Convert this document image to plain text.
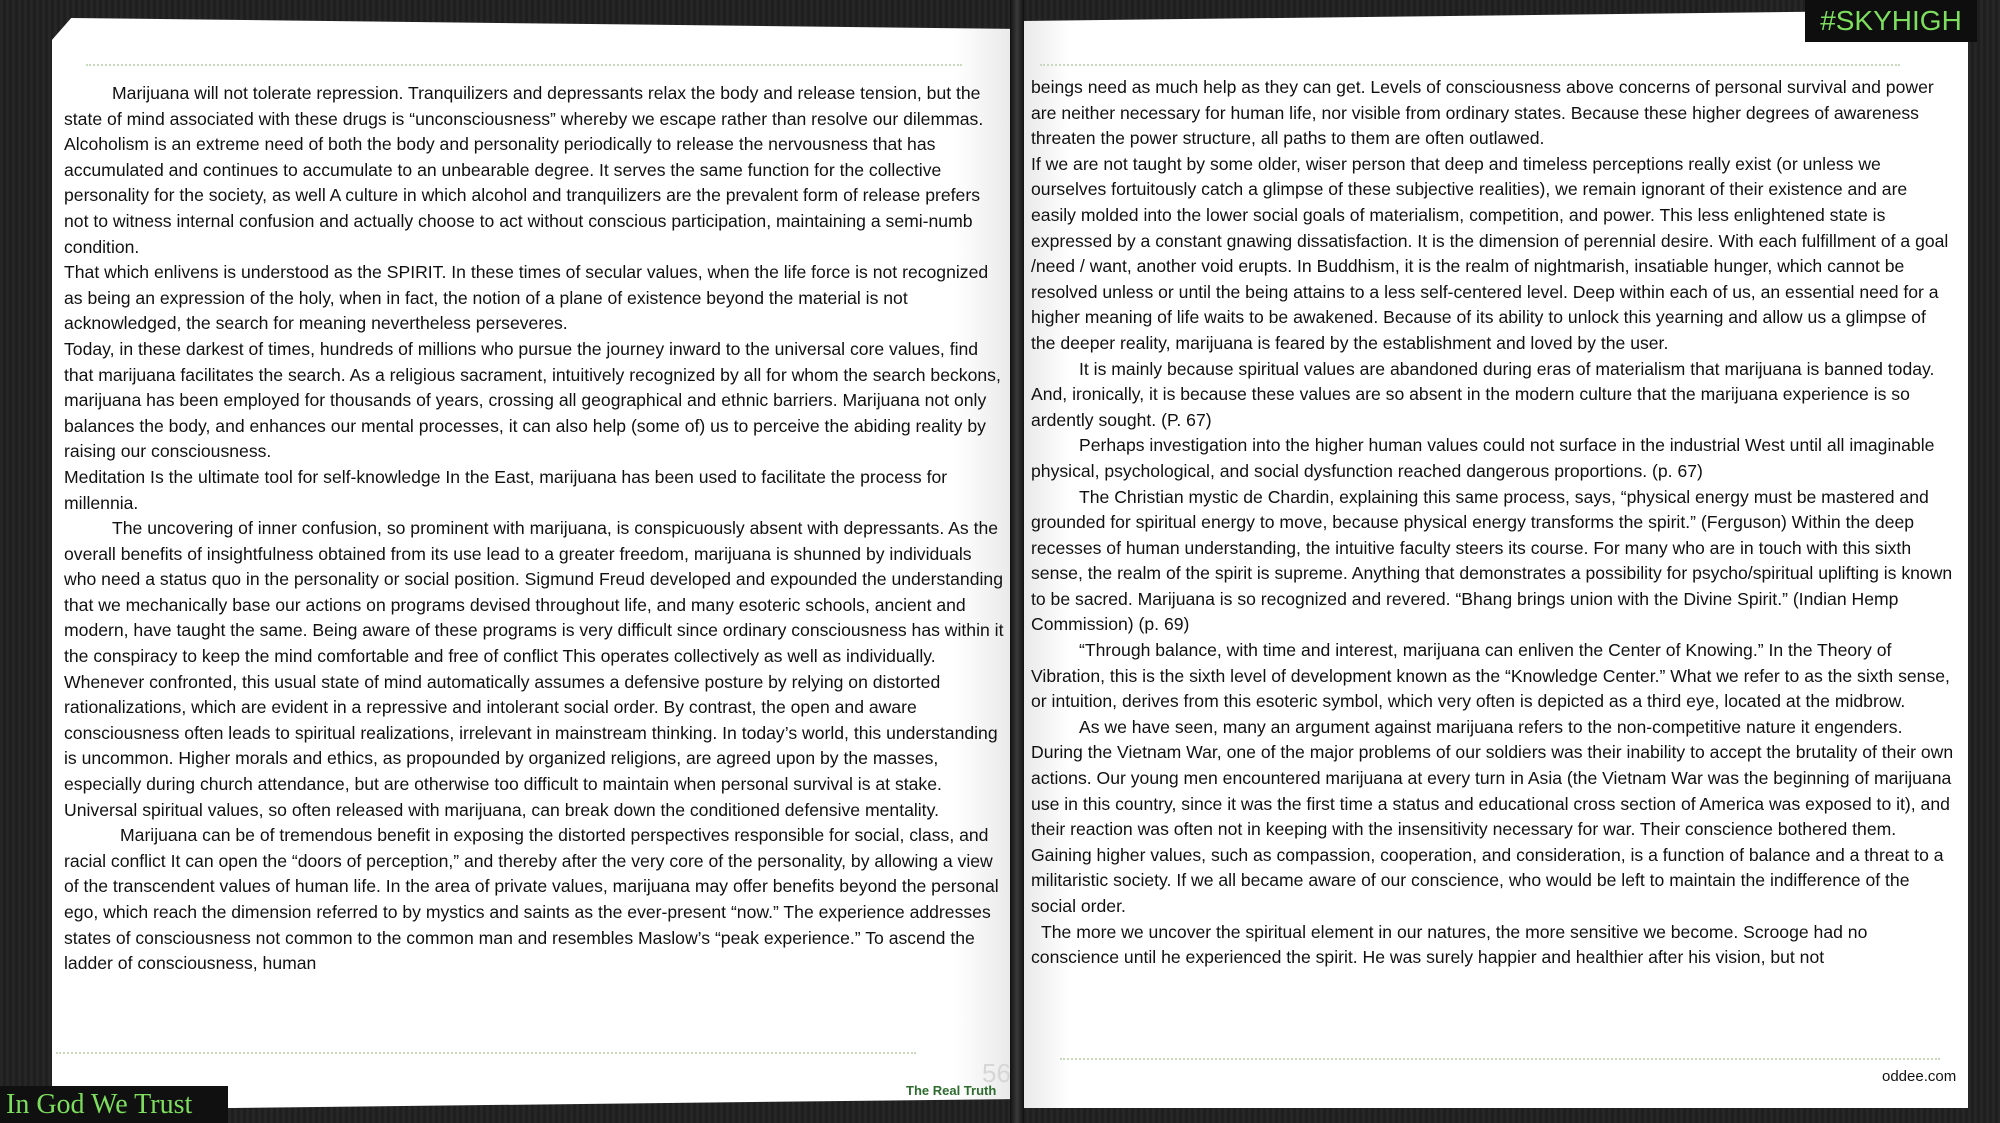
Marijuana will not tolerate repression. Tranquilizers and depressants relax the body and release tension, but the state of mind associated with these drugs is “unconsciousness” whereby we escape rather than resolve our dilemmas. Alcoholism is an extreme need of both the body and personality periodically to release the nervousness that has accumulated and continues to accumulate to an unbearable degree. It serves the same function for the collective personality for the society, as well A culture in which alcohol and tranquilizers are the prevalent form of release prefers not to witness internal confusion and actually choose to act without conscious participation, maintaining a semi-numb condition.

That which enlivens is understood as the SPIRIT. In these times of secular values, when the life force is not recognized as being an expression of the holy, when in fact, the notion of a plane of existence beyond the material is not acknowledged, the search for meaning nevertheless perseveres.

Today, in these darkest of times, hundreds of millions who pursue the journey inward to the universal core values, find that marijuana facilitates the search. As a religious sacrament, intuitively recognized by all for whom the search beckons, marijuana has been employed for thousands of years, crossing all geographical and ethnic barriers. Marijuana not only balances the body, and enhances our mental processes, it can also help (some of) us to perceive the abiding reality by raising our consciousness.

Meditation Is the ultimate tool for self-knowledge In the East, marijuana has been used to facilitate the process for millennia.

The uncovering of inner confusion, so prominent with marijuana, is conspicuously absent with depressants. As the overall benefits of insightfulness obtained from its use lead to a greater freedom, marijuana is shunned by individuals who need a status quo in the personality or social position. Sigmund Freud developed and expounded the understanding that we mechanically base our actions on programs devised throughout life, and many esoteric schools, ancient and modern, have taught the same. Being aware of these programs is very difficult since ordinary consciousness has within it the conspiracy to keep the mind comfortable and free of conflict This operates collectively as well as individually. Whenever confronted, this usual state of mind automatically assumes a defensive posture by relying on distorted rationalizations, which are evident in a repressive and intolerant social order. By contrast, the open and aware consciousness often leads to spiritual realizations, irrelevant in mainstream thinking. In today’s world, this understanding is uncommon. Higher morals and ethics, as propounded by organized religions, are agreed upon by the masses, especially during church attendance, but are otherwise too difficult to maintain when personal survival is at stake. Universal spiritual values, so often released with marijuana, can break down the conditioned defensive mentality.

Marijuana can be of tremendous benefit in exposing the distorted perspectives responsible for social, class, and racial conflict It can open the “doors of perception,” and thereby after the very core of the personality, by allowing a view of the transcendent values of human life. In the area of private values, marijuana may offer benefits beyond the personal ego, which reach the dimension referred to by mystics and saints as the ever-present “now.” The experience addresses states of consciousness not common to the common man and resembles Maslow’s “peak experience.” To ascend the ladder of consciousness, human

beings need as much help as they can get. Levels of consciousness above concerns of personal survival and power are neither necessary for human life, nor visible from ordinary states. Because these higher degrees of awareness threaten the power structure, all paths to them are often outlawed.

If we are not taught by some older, wiser person that deep and timeless perceptions really exist (or unless we ourselves fortuitously catch a glimpse of these subjective realities), we remain ignorant of their existence and are easily molded into the lower social goals of materialism, competition, and power. This less enlightened state is expressed by a constant gnawing dissatisfaction. It is the dimension of perennial desire. With each fulfillment of a goal /need / want, another void erupts. In Buddhism, it is the realm of nightmarish, insatiable hunger, which cannot be resolved unless or until the being attains to a less self-centered level. Deep within each of us, an essential need for a higher meaning of life waits to be awakened. Because of its ability to unlock this yearning and allow us a glimpse of the deeper reality, marijuana is feared by the establishment and loved by the user.

It is mainly because spiritual values are abandoned during eras of materialism that marijuana is banned today. And, ironically, it is because these values are so absent in the modern culture that the marijuana experience is so ardently sought. (P. 67)

Perhaps investigation into the higher human values could not surface in the industrial West until all imaginable physical, psychological, and social dysfunction reached dangerous proportions. (p. 67)

The Christian mystic de Chardin, explaining this same process, says, “physical energy must be mastered and grounded for spiritual energy to move, because physical energy transforms the spirit.” (Ferguson) Within the deep recesses of human understanding, the intuitive faculty steers its course. For many who are in touch with this sixth sense, the realm of the spirit is supreme. Anything that demonstrates a possibility for psycho/spiritual uplifting is known to be sacred. Marijuana is so recognized and revered. “Bhang brings union with the Divine Spirit.” (Indian Hemp Commission) (p. 69)

“Through balance, with time and interest, marijuana can enliven the Center of Knowing.” In the Theory of Vibration, this is the sixth level of development known as the “Knowledge Center.” What we refer to as the sixth sense, or intuition, derives from this esoteric symbol, which very often is depicted as a third eye, located at the midbrow.

As we have seen, many an argument against marijuana refers to the non-competitive nature it engenders. During the Vietnam War, one of the major problems of our soldiers was their inability to accept the brutality of their own actions. Our young men encountered marijuana at every turn in Asia (the Vietnam War was the beginning of marijuana use in this country, since it was the first time a status and educational cross section of America was exposed to it), and their reaction was often not in keeping with the insensitivity necessary for war. Their conscience bothered them. Gaining higher values, such as compassion, cooperation, and consideration, is a function of balance and a threat to a militaristic society. If we all became aware of our conscience, who would be left to maintain the indifference of the social order.

The more we uncover the spiritual element in our natures, the more sensitive we become. Scrooge had no conscience until he experienced the spirit. He was surely happier and healthier after his vision, but not

The Real Truth
56	oddee.com
#SKYHIGH
In God We Trust
